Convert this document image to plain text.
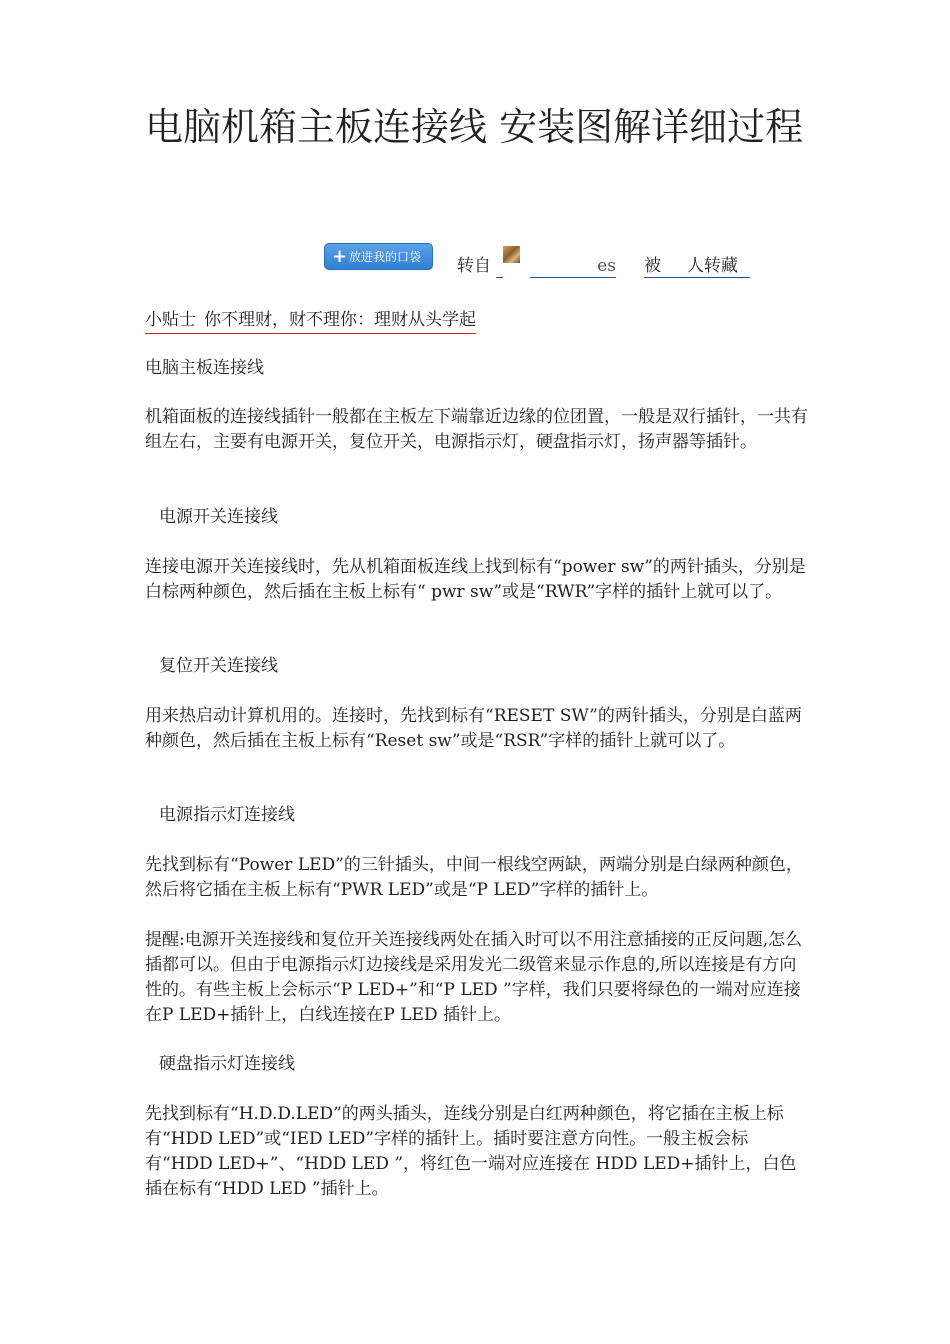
电脑机箱主板连接线 安装图解详细过程
+ 放进我的口袋	转自	es 被 人转藏
小贴士 你不理财，财不理你：理财从头学起

电脑主板连接线

机箱面板的连接线插针一般都在主板左下端靠近边缘的位团置，一般是双行插针，一共有 组左右，主要有电源开关，复位开关，电源指示灯，硬盘指示灯，扬声器等插针。

电源开关连接线

连接电源开关连接线时，先从机箱面板连线上找到标有“power sw”的两针插头，分别是白棕两种颜色，然后插在主板上标有“ pwr sw”或是“RWR”字样的插针上就可以了。

复位开关连接线

用来热启动计算机用的。连接时，先找到标有“RESET SW”的两针插头，分别是白蓝两种颜色，然后插在主板上标有“Reset sw”或是“RSR”字样的插针上就可以了。

电源指示灯连接线

先找到标有“Power LED”的三针插头，中间一根线空两缺，两端分别是白绿两种颜色，然后将它插在主板上标有“PWR LED”或是“P LED”字样的插针上。

提醒:电源开关连接线和复位开关连接线两处在插入时可以不用注意插接的正反问题,怎么插都可以。但由于电源指示灯边接线是采用发光二级管来显示作息的,所以连接是有方向性的。有些主板上会标示“P LED+”和“P LED ”字样，我们只要将绿色的一端对应连接在P LED+插针上，白线连接在P LED 插针上。

硬盘指示灯连接线

先找到标有“H.D.D.LED”的两头插头，连线分别是白红两种颜色，将它插在主板上标有“HDD LED”或“IED LED”字样的插针上。插时要注意方向性。一般主板会标有“HDD LED+”、“HDD LED ”，将红色一端对应连接在 HDD LED+插针上，白色插在标有“HDD LED ”插针上。
